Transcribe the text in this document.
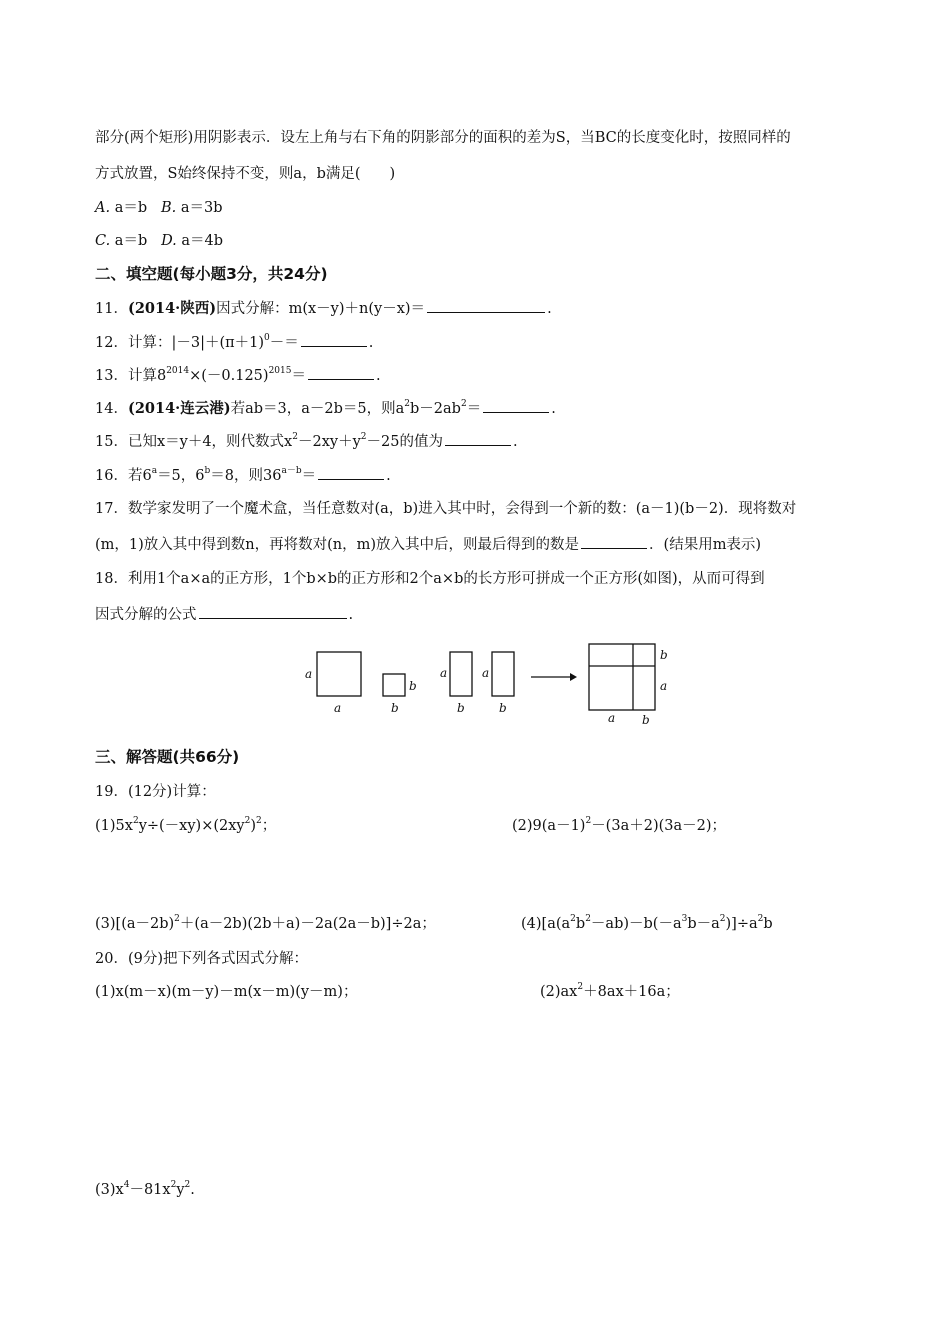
部分(两个矩形)用阴影表示．设左上角与右下角的阴影部分的面积的差为S，当BC的长度变化时，按照同样的
方式放置，S始终保持不变，则a，b满足(　　)
A. a＝b B. a＝3b
C. a＝b D. a＝4b
二、填空题(每小题3分，共24分)
11．(2014·陕西)因式分解：m(x－y)＋n(y－x)＝	.
12．计算：$|-3|+(\pi+1)^0-=$	.
13．计算$8^{2014}\times(-0.125)^{2015}=$	.
14．(2014·连云港)若ab＝3，a－2b＝5，则$a^2b-2ab^2=$	.
15．已知x＝y＋4，则代数式$x^2-2xy+y^2-25$的值为	.
16．若$6^a=5$，$6^b=8$，则$36^{a-b}=$	.
17．数学家发明了一个魔术盒，当任意数对(a，b)进入其中时，会得到一个新的数：(a－1)(b－2)．现将数对
(m，1)放入其中得到数n，再将数对(n，m)放入其中后，则最后得到的数是	．(结果用m表示)
18．利用1个a×a的正方形，1个b×b的正方形和2个a×b的长方形可拼成一个正方形(如图)，从而可得到
因式分解的公式	.
a
a
b
b
a
b
a
b
b
a
a b
三、解答题(共66分)
19．(12分)计算：
$(1)5x^2y\div(-xy)\times(2xy^2)^2$；	$(2)9(a-1)^2-(3a+2)(3a-2)$；
$(3)[(a-2b)^2+(a-2b)(2b+a)-2a(2a-b)]\div 2a$；	$(4)[a(a^2b^2-ab)-b(-a^3b-a^2)]\div a^2b$
20．(9分)把下列各式因式分解：
(1)x(m－x)(m－y)－m(x－m)(y－m)；	$(2)ax^2+8ax+16a$；
$(3)x^4-81x^2y^2$.
